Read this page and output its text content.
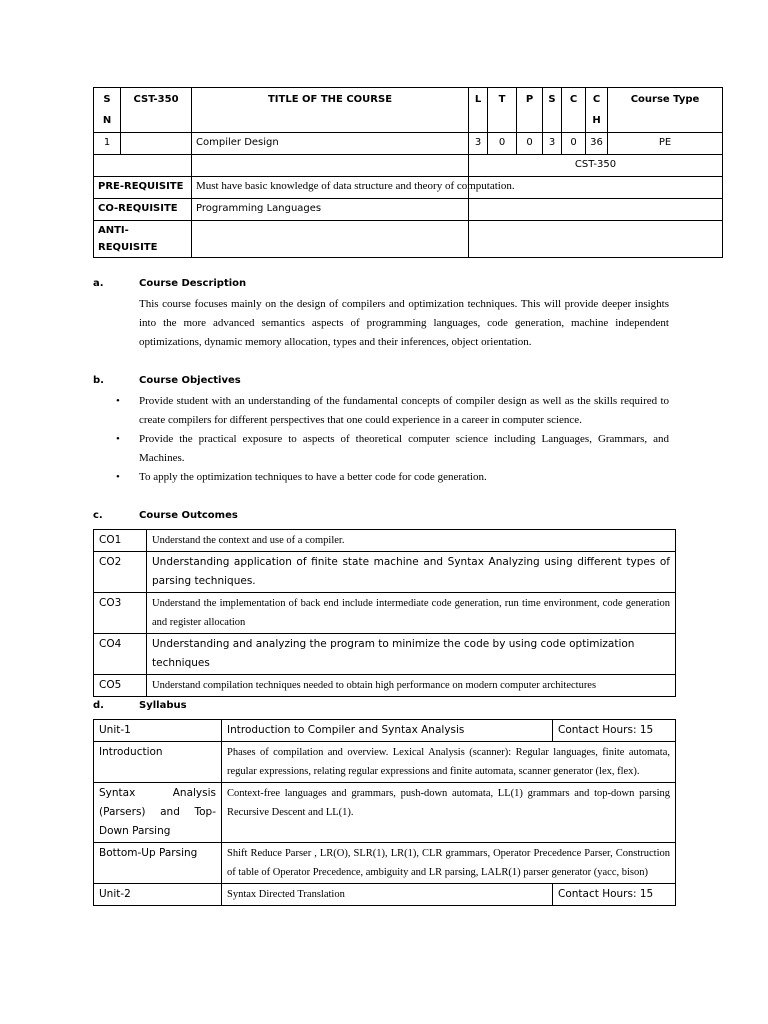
S N	CST-350	TITLE OF THE COURSE	L	T	P	S	C	C H	Course Type
1		Compiler Design	3	0	0	3	0	36	PE
			CST-350						
PRE-REQUISITE		Must have basic knowledge of data structure and theory of computation.							
CO-REQUISITE		Programming Languages							
ANTI-REQUISITE									
a.	Course Description
This course focuses mainly on the design of compilers and optimization techniques. This will provide deeper insights into the more advanced semantics aspects of programming languages, code generation, machine independent optimizations, dynamic memory allocation, types and their inferences, object orientation.
b.	Course Objectives
• Provide student with an understanding of the fundamental concepts of compiler design as well as the skills required to create compilers for different perspectives that one could experience in a career in computer science.
• Provide the practical exposure to aspects of theoretical computer science including Languages, Grammars, and Machines.
• To apply the optimization techniques to have a better code for code generation.
c.	Course Outcomes
CO1	Understand the context and use of a compiler.
CO2	Understanding application of finite state machine and Syntax Analyzing using different types of parsing techniques.
CO3	Understand the implementation of back end include intermediate code generation, run time environment, code generation and register allocation
CO4	Understanding and analyzing the program to minimize the code by using code optimization techniques
CO5	Understand compilation techniques needed to obtain high performance on modern computer architectures
d.	Syllabus
Unit-1	Introduction to Compiler and Syntax Analysis	Contact Hours: 15
Introduction	Phases of compilation and overview. Lexical Analysis (scanner): Regular languages, finite automata, regular expressions, relating regular expressions and finite automata, scanner generator (lex, flex).	
Syntax Analysis (Parsers) and Top-Down Parsing	Context-free languages and grammars, push-down automata, LL(1) grammars and top-down parsing Recursive Descent and LL(1).	
Bottom-Up Parsing	Shift Reduce Parser , LR(O), SLR(1), LR(1), CLR grammars, Operator Precedence Parser, Construction of table of Operator Precedence, ambiguity and LR parsing, LALR(1) parser generator (yacc, bison)	
Unit-2	Syntax Directed Translation	Contact Hours: 15
